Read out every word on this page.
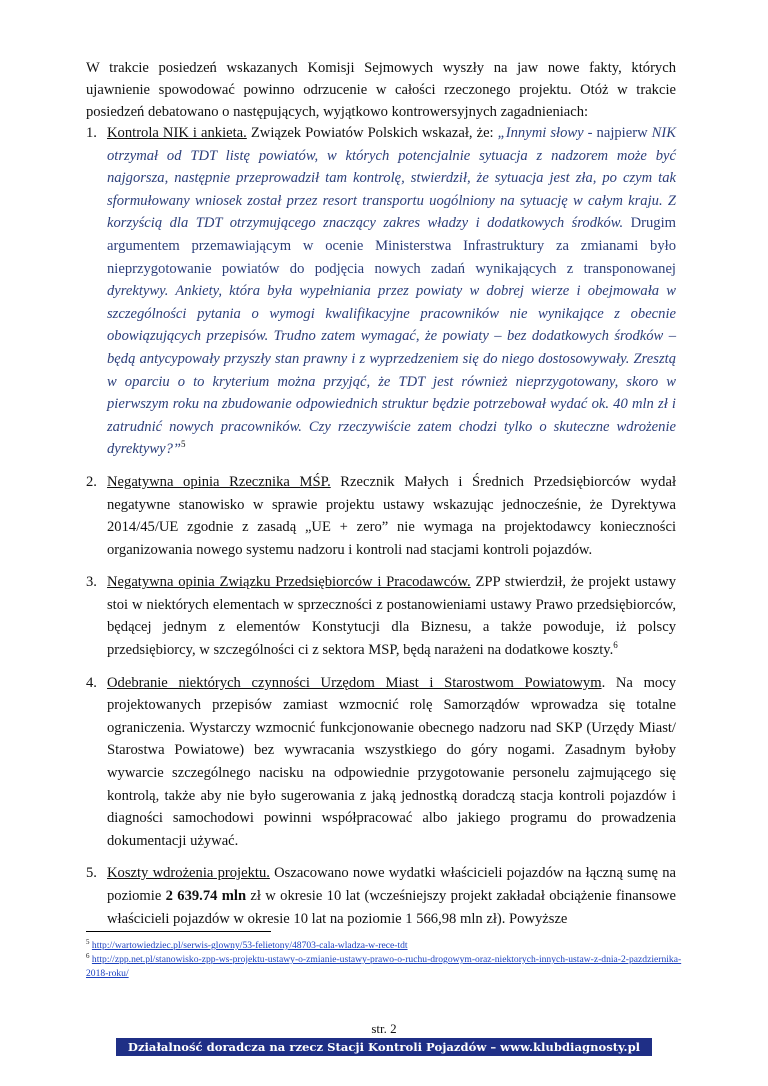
W trakcie posiedzeń wskazanych Komisji Sejmowych wyszły na jaw nowe fakty, których ujawnienie spowodować powinno odrzucenie w całości rzeczonego projektu. Otóż w trakcie posiedzeń debatowano o następujących, wyjątkowo kontrowersyjnych zagadnieniach:

1. Kontrola NIK i ankieta. Związek Powiatów Polskich wskazał, że: „Innymi słowy - najpierw NIK otrzymał od TDT listę powiatów, w których potencjalnie sytuacja z nadzorem może być najgorsza, następnie przeprowadził tam kontrolę, stwierdził, że sytuacja jest zła, po czym tak sformułowany wniosek został przez resort transportu uogólniony na sytuację w całym kraju. Z korzyścią dla TDT otrzymującego znaczący zakres władzy i dodatkowych środków. Drugim argumentem przemawiającym w ocenie Ministerstwa Infrastruktury za zmianami było nieprzygotowanie powiatów do podjęcia nowych zadań wynikających z transponowanej dyrektywy. Ankiety, która była wypełniania przez powiaty w dobrej wierze i obejmowała w szczególności pytania o wymogi kwalifikacyjne pracowników nie wynikające z obecnie obowiązujących przepisów. Trudno zatem wymagać, że powiaty – bez dodatkowych środków – będą antycypowały przyszły stan prawny i z wyprzedzeniem się do niego dostosowywały. Zresztą w oparciu o to kryterium można przyjąć, że TDT jest również nieprzygotowany, skoro w pierwszym roku na zbudowanie odpowiednich struktur będzie potrzebował wydać ok. 40 mln zł i zatrudnić nowych pracowników. Czy rzeczywiście zatem chodzi tylko o skuteczne wdrożenie dyrektywy?”$^5$
2. Negatywna opinia Rzecznika MŚP. Rzecznik Małych i Średnich Przedsiębiorców wydał negatywne stanowisko w sprawie projektu ustawy wskazując jednocześnie, że Dyrektywa 2014/45/UE zgodnie z zasadą „UE + zero” nie wymaga na projektodawcy konieczności organizowania nowego systemu nadzoru i kontroli nad stacjami kontroli pojazdów.
3. Negatywna opinia Związku Przedsiębiorców i Pracodawców. ZPP stwierdził, że projekt ustawy stoi w niektórych elementach w sprzeczności z postanowieniami ustawy Prawo przedsiębiorców, będącej jednym z elementów Konstytucji dla Biznesu, a także powoduje, iż polscy przedsiębiorcy, w szczególności ci z sektora MSP, będą narażeni na dodatkowe koszty.$^6$
4. Odebranie niektórych czynności Urzędom Miast i Starostwom Powiatowym. Na mocy projektowanych przepisów zamiast wzmocnić rolę Samorządów wprowadza się totalne ograniczenia. Wystarczy wzmocnić funkcjonowanie obecnego nadzoru nad SKP (Urzędy Miast/ Starostwa Powiatowe) bez wywracania wszystkiego do góry nogami. Zasadnym byłoby wywarcie szczególnego nacisku na odpowiednie przygotowanie personelu zajmującego się kontrolą, także aby nie było sugerowania z jaką jednostką doradczą stacja kontroli pojazdów i diagności samochodowi powinni współpracować albo jakiego programu do prowadzenia dokumentacji używać.
5. Koszty wdrożenia projektu. Oszacowano nowe wydatki właścicieli pojazdów na łączną sumę na poziomie 2 639.74 mln zł w okresie 10 lat (wcześniejszy projekt zakładał obciążenie finansowe właścicieli pojazdów w okresie 10 lat na poziomie 1 566,98 mln zł). Powyższe
$^5$ http://wartowiedziec.pl/serwis-glowny/53-felietony/48703-cala-wladza-w-rece-tdt
$^6$ http://zpp.net.pl/stanowisko-zpp-ws-projektu-ustawy-o-zmianie-ustawy-prawo-o-ruchu-drogowym-oraz-niektorych-innych-ustaw-z-dnia-2-pazdziernika-2018-roku/
str. 2
Działalność doradcza na rzecz Stacji Kontroli Pojazdów – www.klubdiagnosty.pl
